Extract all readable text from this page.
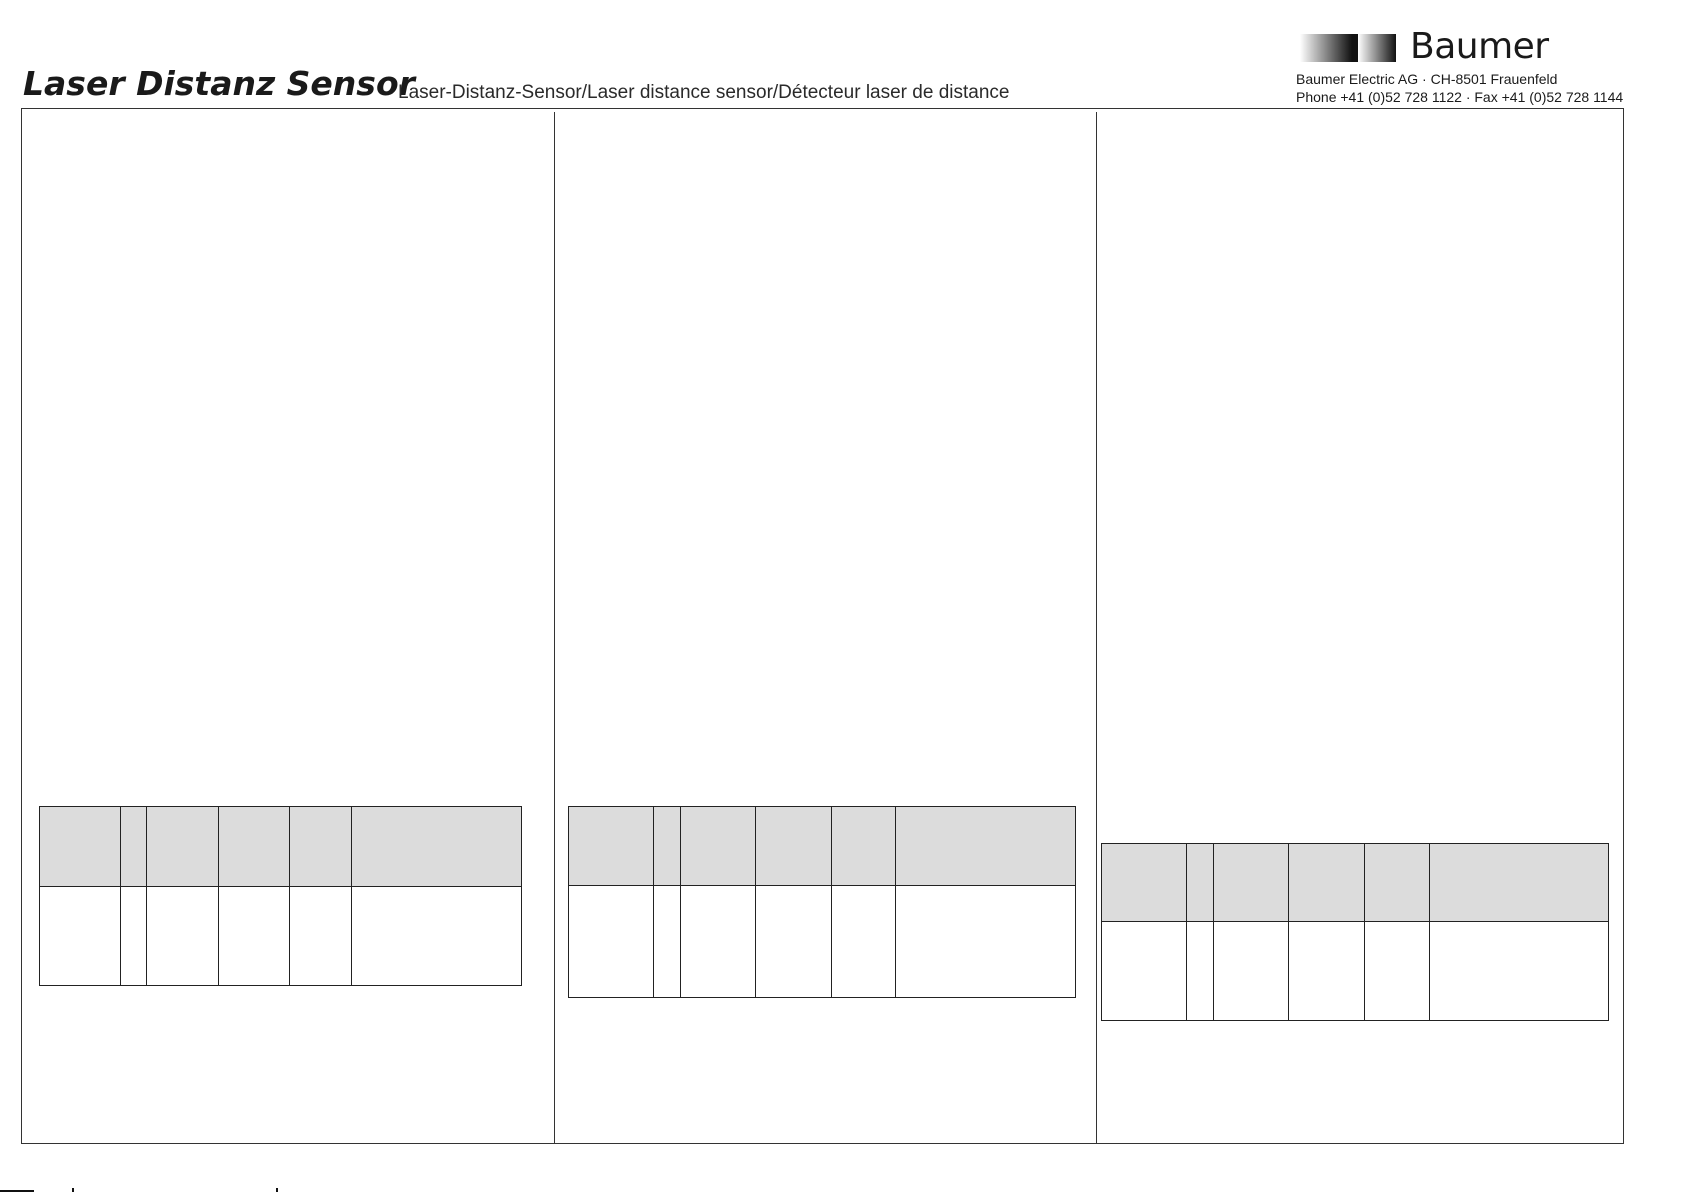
Laser Distanz Sensor
Laser-Distanz-Sensor/Laser distance sensor/Détecteur laser de distance
Baumer
Baumer Electric AG · CH-8501 Frauenfeld
Phone +41 (0)52 728 1122 · Fax +41 (0)52 728 1144
